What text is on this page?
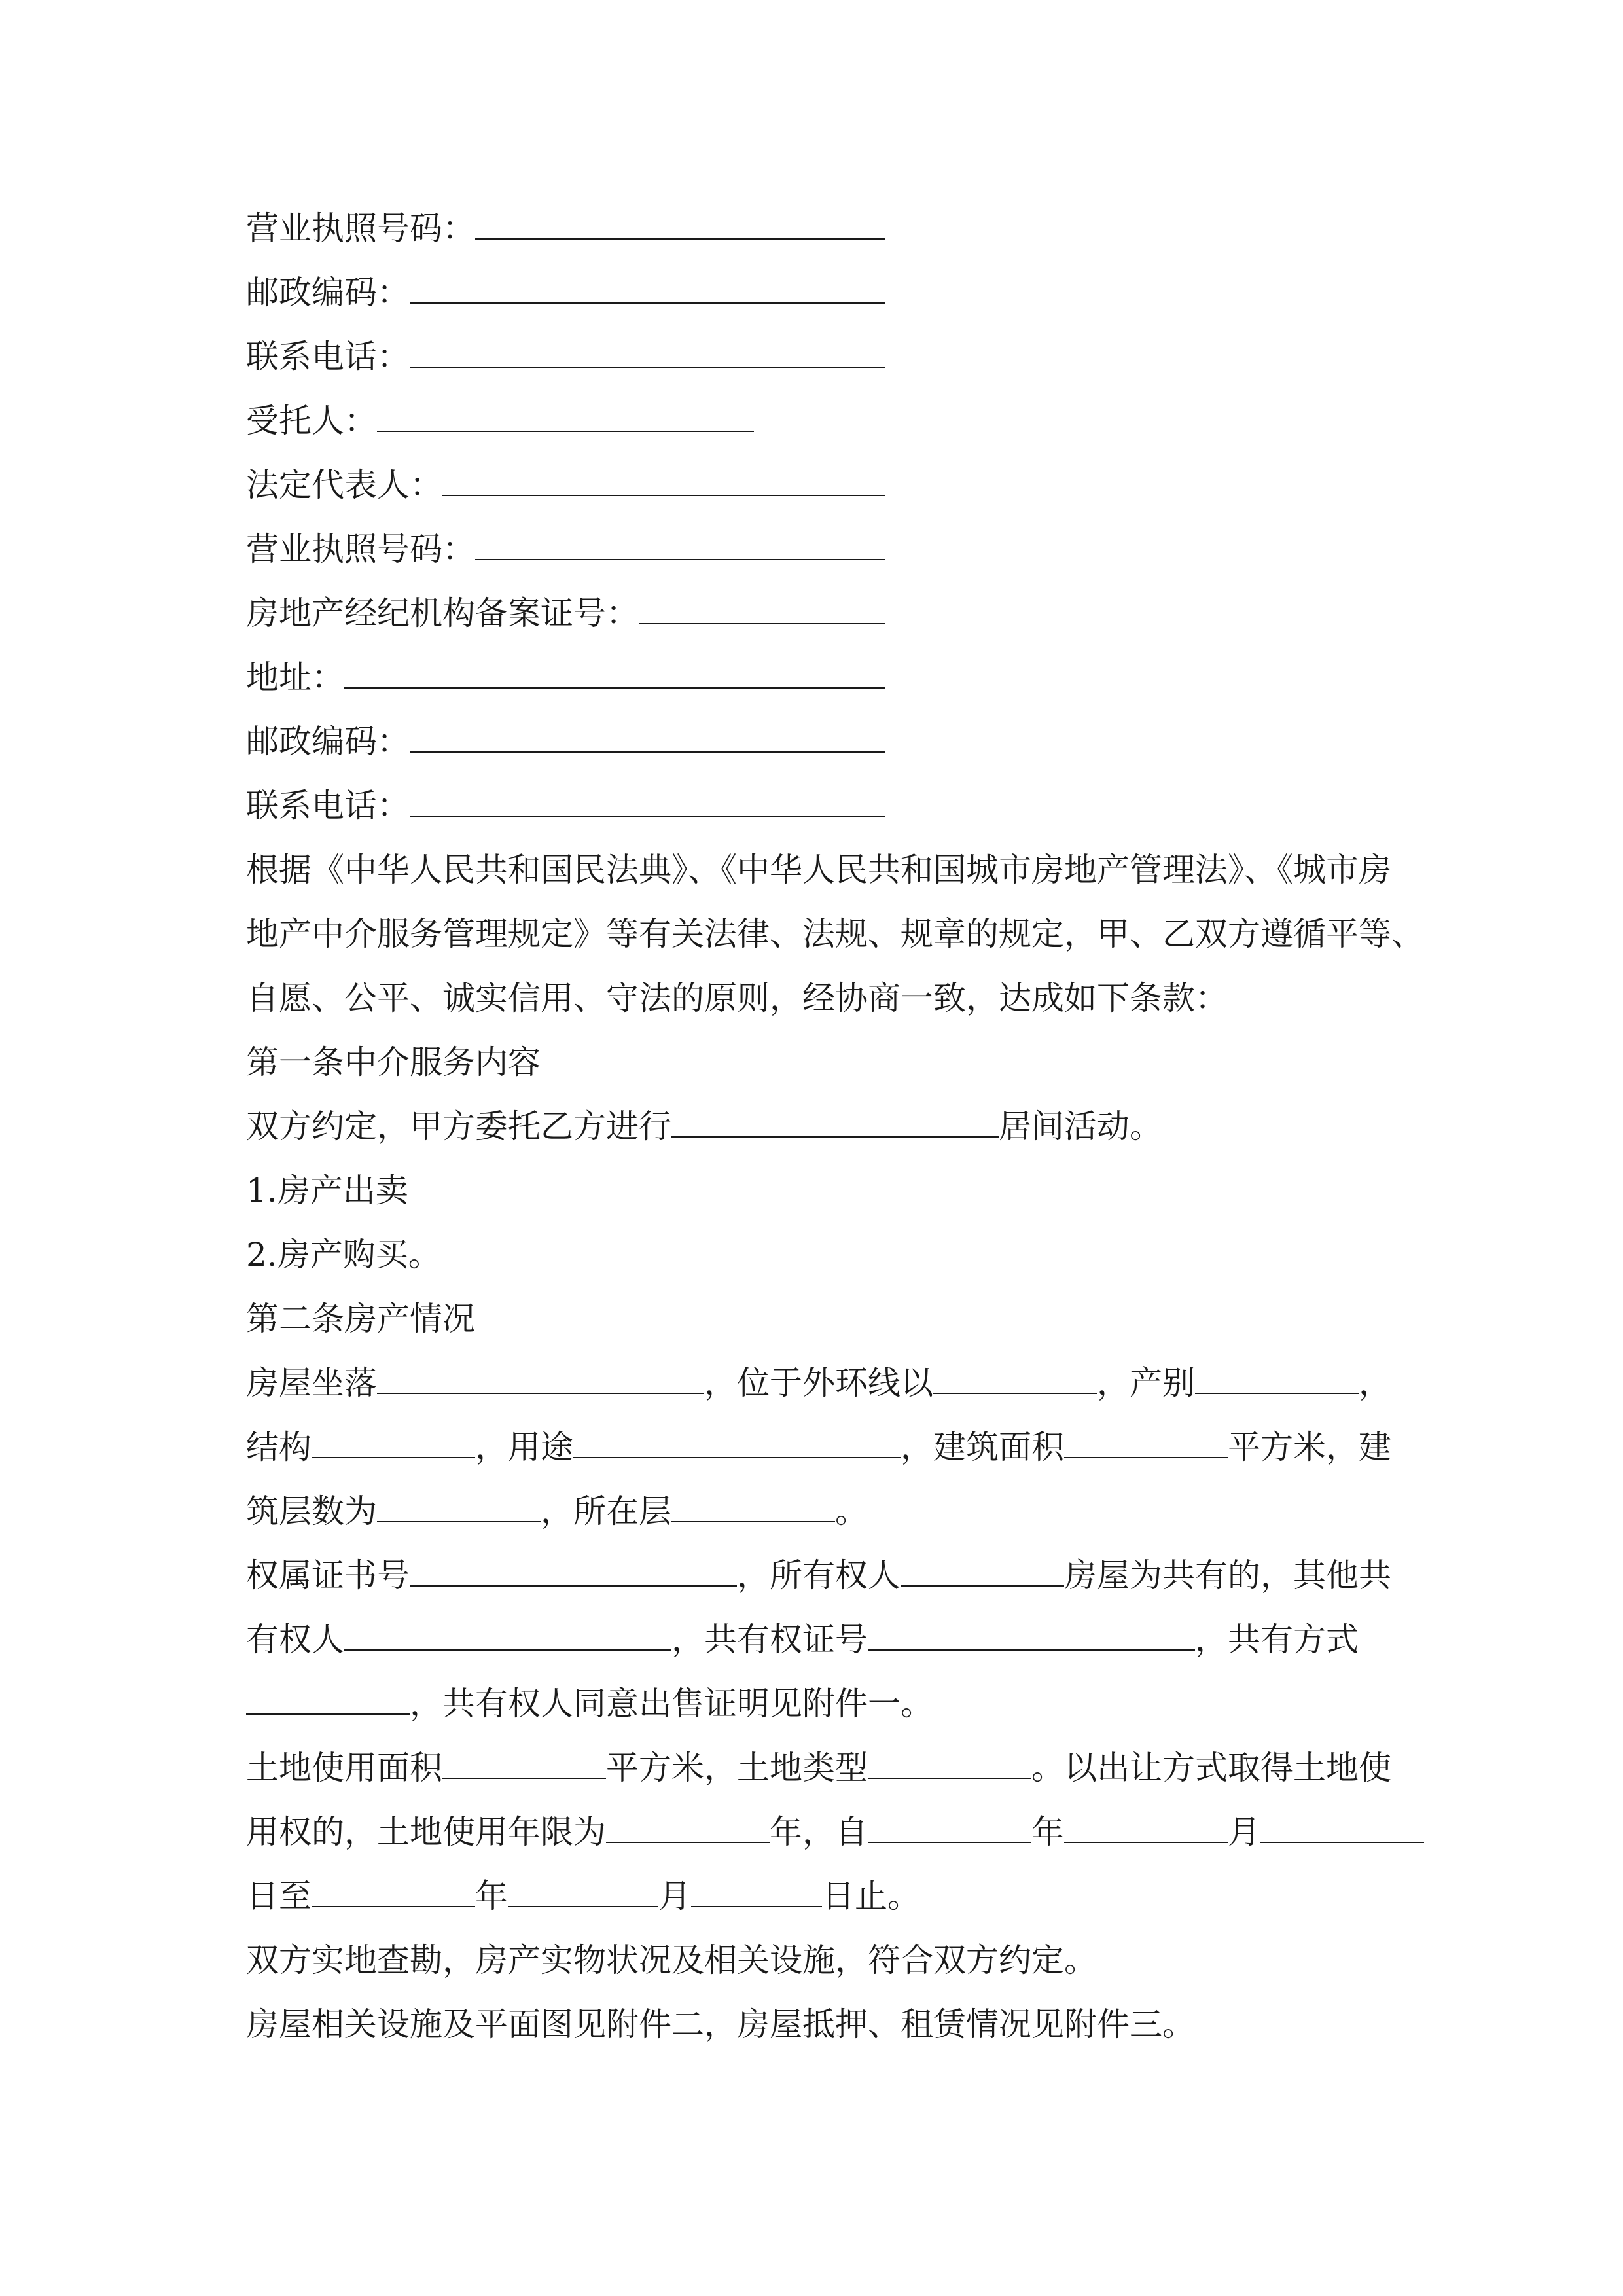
营业执照号码：
邮政编码：
联系电话：
受托人：
法定代表人：
营业执照号码：
房地产经纪机构备案证号：
地址：
邮政编码：
联系电话：
根据《中华人民共和国民法典》、《中华人民共和国城市房地产管理法》、《城市房
地产中介服务管理规定》等有关法律、法规、规章的规定，甲、乙双方遵循平等、
自愿、公平、诚实信用、守法的原则，经协商一致，达成如下条款：
第一条中介服务内容
双方约定，甲方委托乙方进行	居间活动。
1.房产出卖
2.房产购买。
第二条房产情况
房屋坐落	，位于外环线以	，产别	，
结构	，用途	，建筑面积	平方米，建
筑层数为	，所在层	。
权属证书号	，所有权人	房屋为共有的，其他共
有权人	，共有权证号	，共有方式
，共有权人同意出售证明见附件一。
土地使用面积	平方米，土地类型	。以出让方式取得土地使
用权的，土地使用年限为	年，自	年	月
日至	年	月	日止。
双方实地查勘，房产实物状况及相关设施，符合双方约定。
房屋相关设施及平面图见附件二，房屋抵押、租赁情况见附件三。
